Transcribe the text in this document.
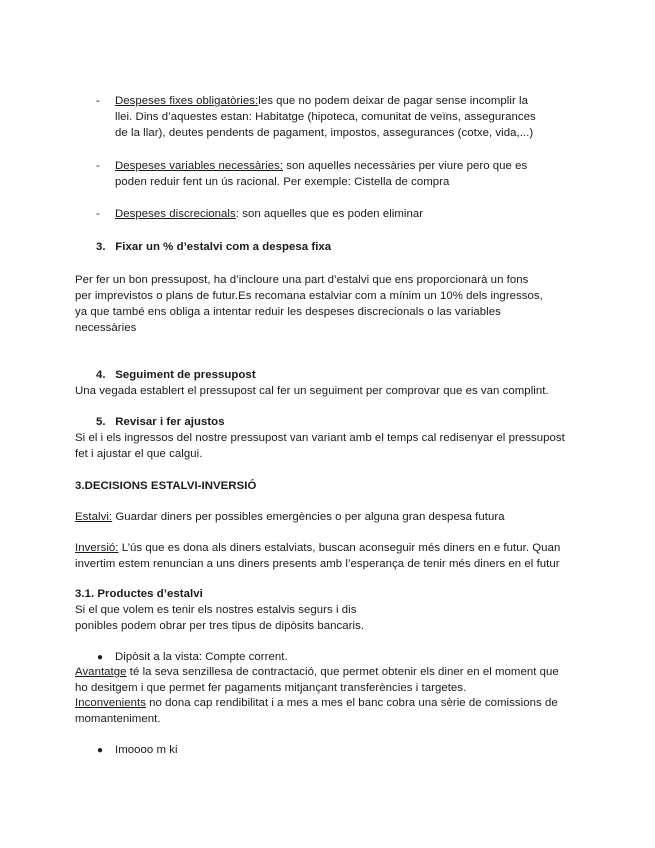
- Despeses fixes obligatòries:les que no podem deixar de pagar sense incomplir la
llei. Dins d’aquestes estan: Habitatge (hipoteca, comunitat de veïns, assegurances
de la llar), deutes pendents de pagament, impostos, assegurances (cotxe, vida,...)
- Despeses variables necessàries: son aquelles necessàries per viure pero que es
poden reduir fent un ús racional. Per exemple: Cistella de compra
- Despeses discrecionals: son aquelles que es poden eliminar
3. Fixar un % d’estalvi com a despesa fixa
Per fer un bon pressupost, ha d’incloure una part d’estalvi que ens proporcionarà un fons
per imprevistos o plans de futur.Es recomana estalviar com a mínim un 10% dels ingressos,
ya que també ens obliga a intentar reduir les despeses discrecionals o las variables
necessàries
4. Seguiment de pressupost
Una vegada establert el pressupost cal fer un seguiment per comprovar que es van complint.
5. Revisar i fer ajustos
Si el i els ingressos del nostre pressupost van variant amb el temps cal redisenyar el pressupost
fet i ajustar el que calgui.
3.DECISIONS ESTALVI-INVERSIÓ
Estalvi: Guardar diners per possibles emergències o per alguna gran despesa futura
Inversió: L’ús que es dona als diners estalviats, buscan aconseguir més diners en e futur. Quan
invertim estem renuncian a uns diners presents amb l’esperança de tenir més diners en el futur
3.1. Productes d’estalvi
Si el que volem es tenir els nostres estalvis segurs i dis
ponibles podem obrar per tres tipus de dipòsits bancaris.
● Dipòsit a la vista: Compte corrent.
Avantatge té la seva senzillesa de contractació, que permet obtenir els diner en el moment que
ho desitgem i que permet fer pagaments mitjançant transferències i targetes.
Inconvenients no dona cap rendibilitat i a mes a mes el banc cobra una sèrie de comissions de
momanteniment.
● Imoooo m ki
